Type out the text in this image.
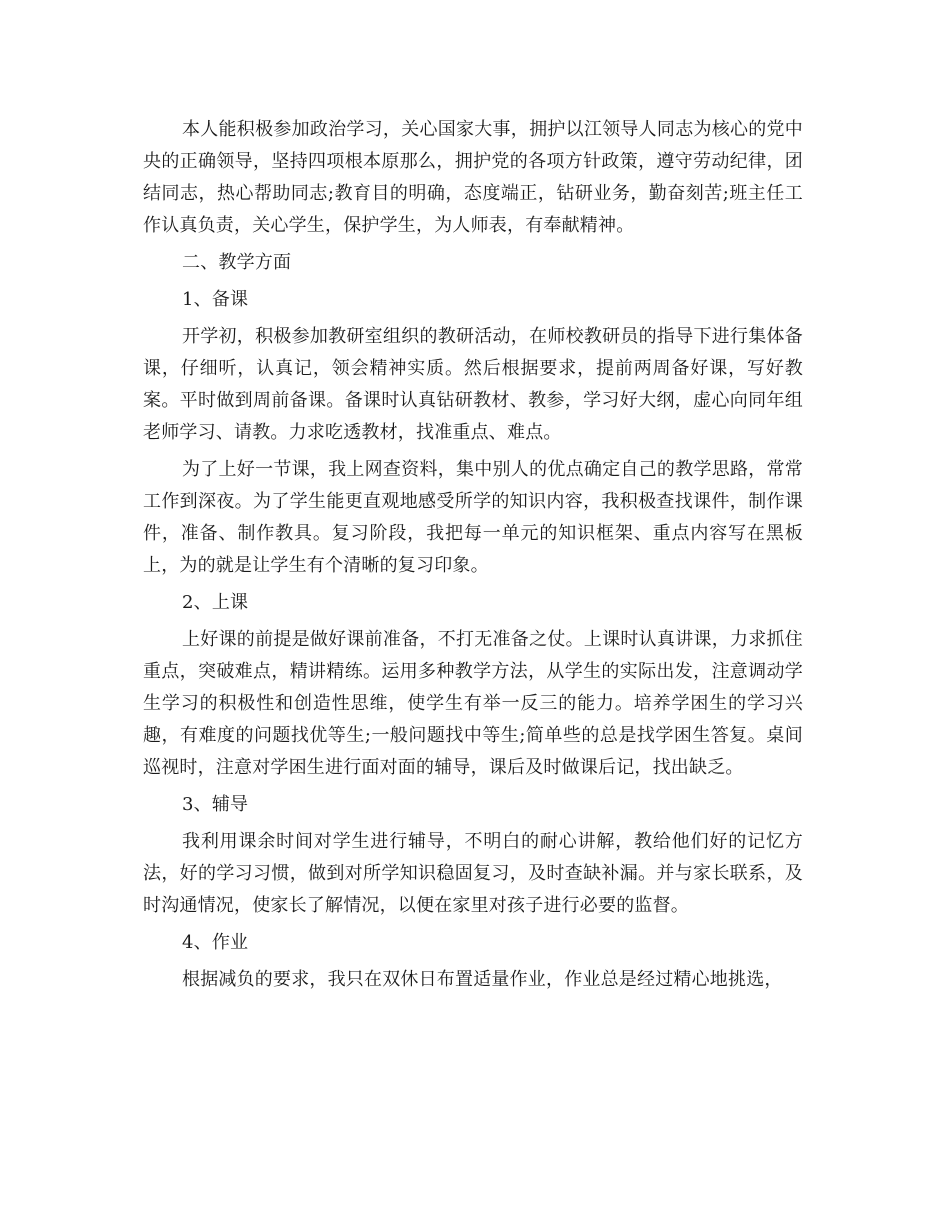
本人能积极参加政治学习，关心国家大事，拥护以江领导人同志为核心的党中央的正确领导，坚持四项根本原那么，拥护党的各项方针政策，遵守劳动纪律，团结同志，热心帮助同志;教育目的明确，态度端正，钻研业务，勤奋刻苦;班主任工作认真负责，关心学生，保护学生，为人师表，有奉献精神。

二、教学方面

1、备课

开学初，积极参加教研室组织的教研活动，在师校教研员的指导下进行集体备课，仔细听，认真记，领会精神实质。然后根据要求，提前两周备好课，写好教案。平时做到周前备课。备课时认真钻研教材、教参，学习好大纲，虚心向同年组老师学习、请教。力求吃透教材，找准重点、难点。

为了上好一节课，我上网查资料，集中别人的优点确定自己的教学思路，常常工作到深夜。为了学生能更直观地感受所学的知识内容，我积极查找课件，制作课件，准备、制作教具。复习阶段，我把每一单元的知识框架、重点内容写在黑板上，为的就是让学生有个清晰的复习印象。

2、上课

上好课的前提是做好课前准备，不打无准备之仗。上课时认真讲课，力求抓住重点，突破难点，精讲精练。运用多种教学方法，从学生的实际出发，注意调动学生学习的积极性和创造性思维，使学生有举一反三的能力。培养学困生的学习兴趣，有难度的问题找优等生;一般问题找中等生;简单些的总是找学困生答复。桌间巡视时，注意对学困生进行面对面的辅导，课后及时做课后记，找出缺乏。

3、辅导

我利用课余时间对学生进行辅导，不明白的耐心讲解，教给他们好的记忆方法，好的学习习惯，做到对所学知识稳固复习，及时查缺补漏。并与家长联系，及时沟通情况，使家长了解情况，以便在家里对孩子进行必要的监督。

4、作业

根据减负的要求，我只在双休日布置适量作业，作业总是经过精心地挑选，
